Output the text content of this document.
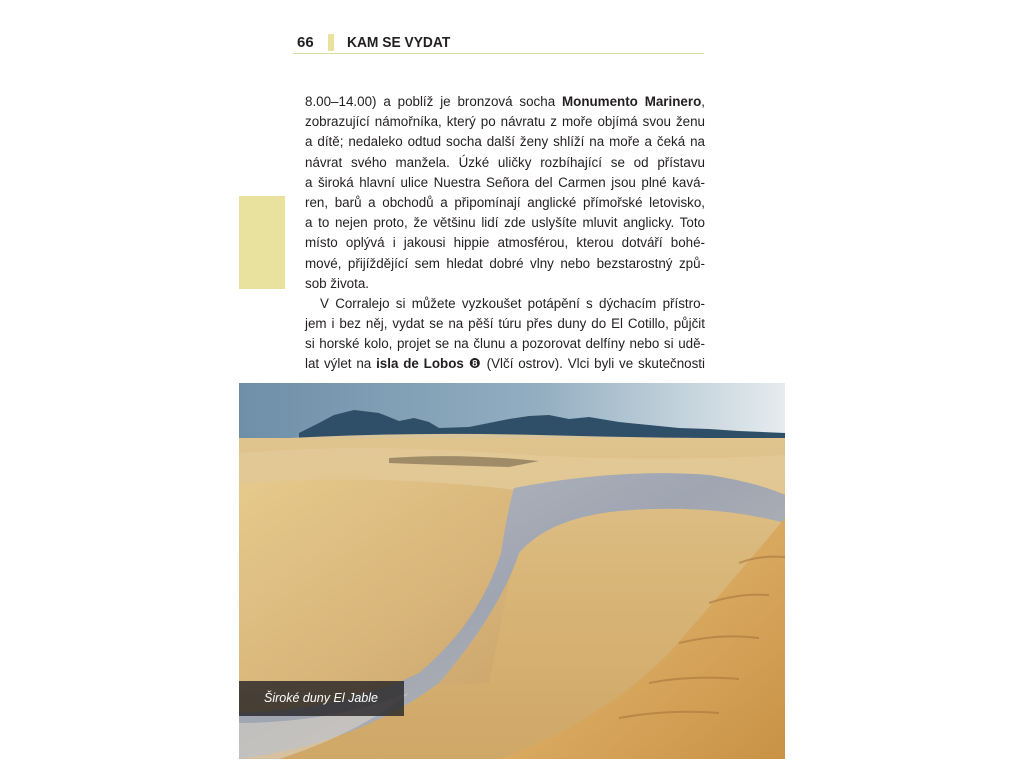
66 KAM SE VYDAT
8.00–14.00) a poblíž je bronzová socha Monumento Marinero,
zobrazující námořníka, který po návratu z moře objímá svou ženu
a dítě; nedaleko odtud socha další ženy shlíží na moře a čeká na
návrat svého manžela. Úzké uličky rozbíhající se od přístavu
a široká hlavní ulice Nuestra Señora del Carmen jsou plné kavá-
ren, barů a obchodů a připomínají anglické přímořské letovisko,
a to nejen proto, že většinu lidí zde uslyšíte mluvit anglicky. Toto
místo oplývá i jakousi hippie atmosférou, kterou dotváří bohé-
mové, přijíždějící sem hledat dobré vlny nebo bezstarostný způ-
sob života.
V Corralejo si můžete vyzkoušet potápění s dýchacím přístro-
jem i bez něj, vydat se na pěší túru přes duny do El Cotillo, půjčit
si horské kolo, projet se na člunu a pozorovat delfíny nebo si udě-
lat výlet na isla de Lobos ❽ (Vlčí ostrov). Vlci byli ve skutečnosti
Široké duny El Jable
